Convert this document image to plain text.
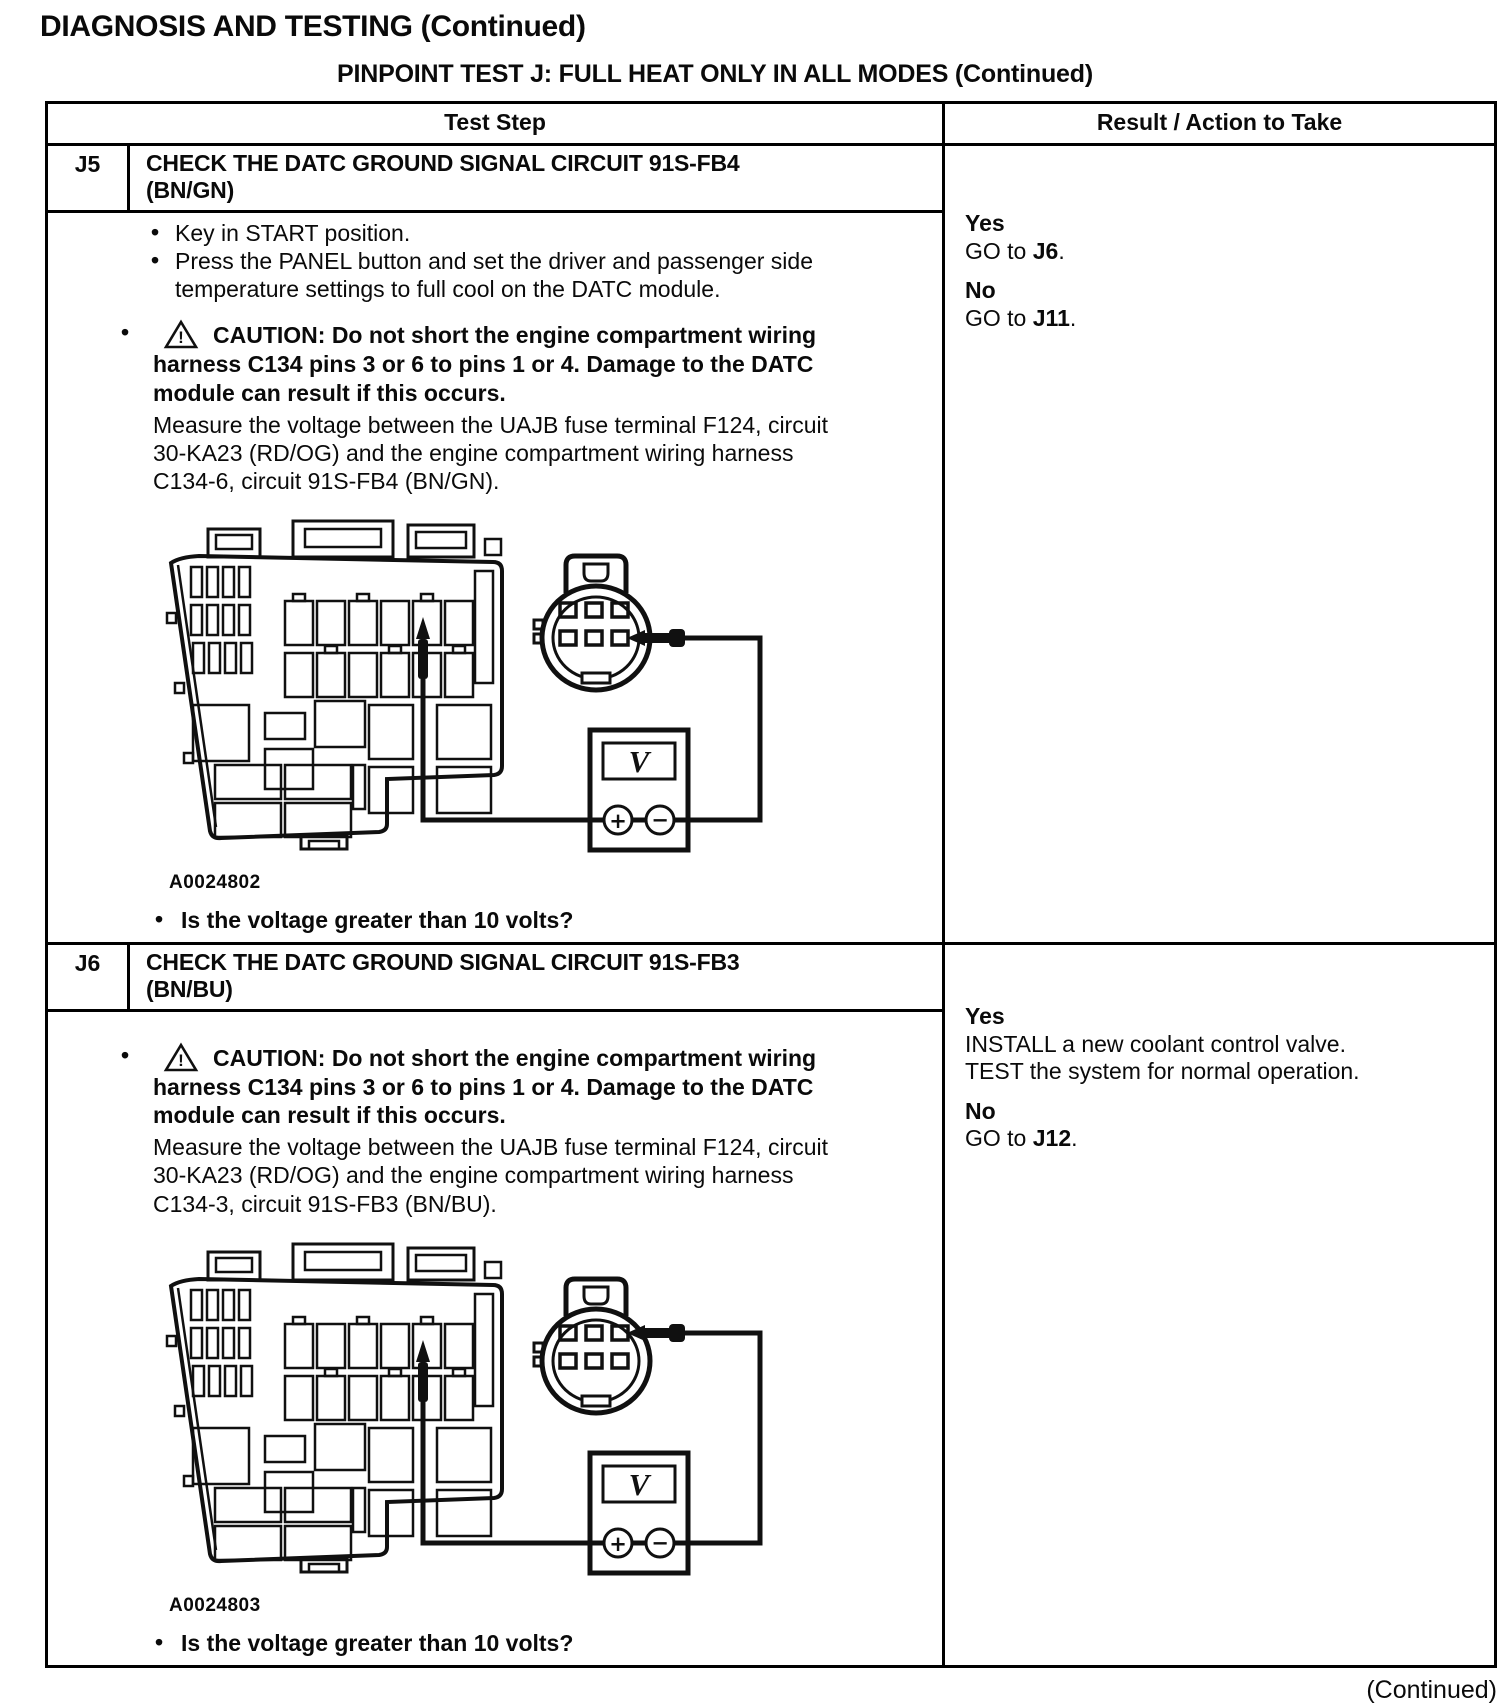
DIAGNOSIS AND TESTING (Continued)
PINPOINT TEST J: FULL HEAT ONLY IN ALL MODES (Continued)
Test Step	Result / Action to Take
J5	CHECK THE DATC GROUND SIGNAL CIRCUIT 91S-FB4
(BN/GN)
• Key in START position.
• Press the PANEL button and set the driver and passenger side temperature settings to full cool on the DATC module.
• ! CAUTION: Do not short the engine compartment wiring harness C134 pins 3 or 6 to pins 1 or 4. Damage to the DATC module can result if this occurs.
Measure the voltage between the UAJB fuse terminal F124, circuit 30-KA23 (RD/OG) and the engine compartment wiring harness C134-6, circuit 91S-FB4 (BN/GN).
V
+ −
A0024802
• Is the voltage greater than 10 volts?
Yes
GO to J6.
No
GO to J11.
J6	CHECK THE DATC GROUND SIGNAL CIRCUIT 91S-FB3
(BN/BU)
• ! CAUTION: Do not short the engine compartment wiring harness C134 pins 3 or 6 to pins 1 or 4. Damage to the DATC module can result if this occurs.
Measure the voltage between the UAJB fuse terminal F124, circuit 30-KA23 (RD/OG) and the engine compartment wiring harness C134-3, circuit 91S-FB3 (BN/BU).
V
+ −
A0024803
• Is the voltage greater than 10 volts?
Yes
INSTALL a new coolant control valve.
TEST the system for normal operation.
No
GO to J12.
(Continued)
